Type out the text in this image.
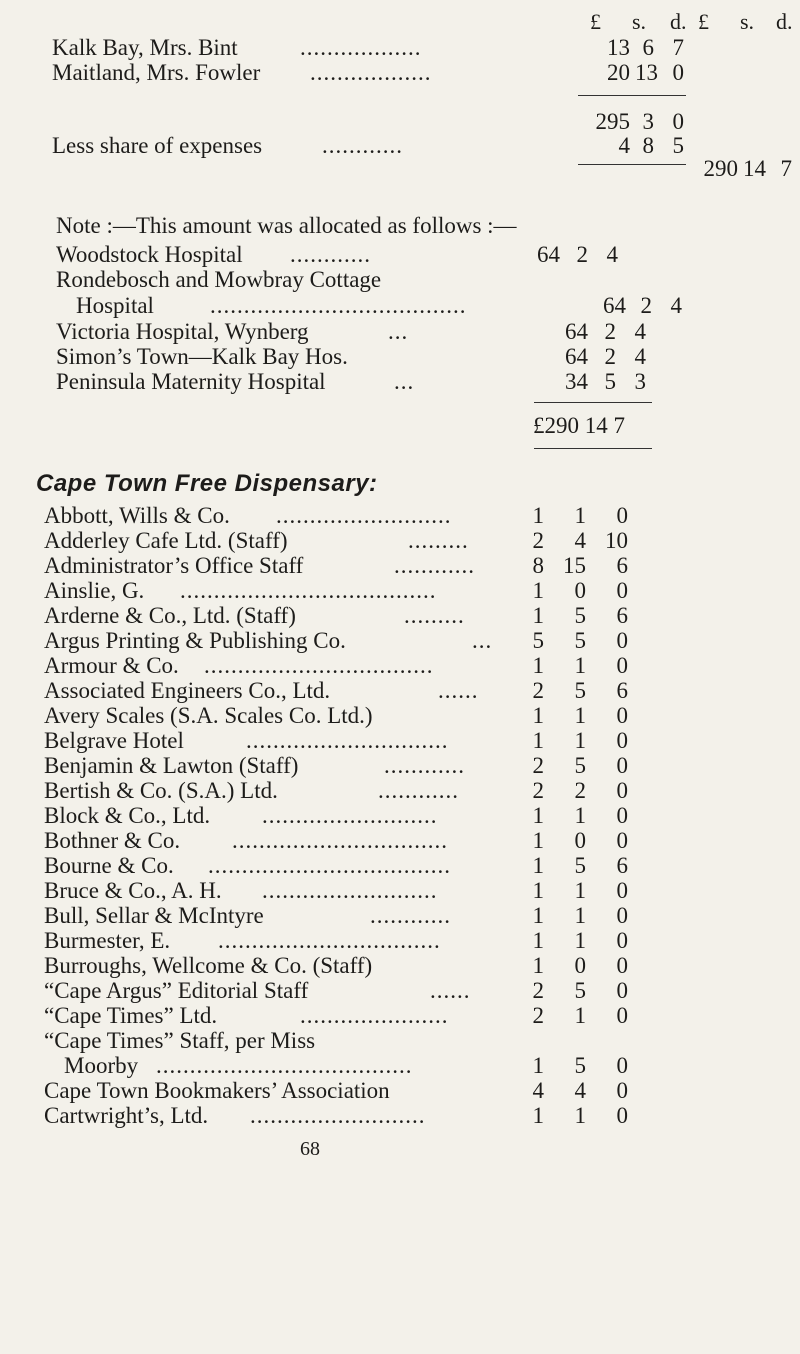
£ s. d. £ s. d.
Kalk Bay, Mrs. Bint	..................	13 6 7
Maitland, Mrs. Fowler ..................	20 13 0
295 3 0
Less share of expenses	............	4 8 5
290 14 7
Note :—This amount was allocated as follows :—
Woodstock Hospital ............	64 2 4
Rondebosch and Mowbray Cottage
Hospital ......................................	64 2 4
Victoria Hospital, Wynberg	...	64 2 4
Simon’s Town—Kalk Bay Hos.	64 2 4
Peninsula Maternity Hospital	...	34 5 3
£290 14 7
Cape Town Free Dispensary:
Abbott, Wills & Co. ..........................	1	1	0
Adderley Cafe Ltd. (Staff)	.........	2	4 10
Administrator’s Office Staff	............	8 15	6
Ainslie, G. ......................................	1	0	0
Arderne & Co., Ltd. (Staff)	.........	1	5	6
Argus Printing & Publishing Co.	...	5	5	0
Armour & Co. ..................................	1	1	0
Associated Engineers Co., Ltd.	......	2	5	6
Avery Scales (S.A. Scales Co. Ltd.)	1	1	0
Belgrave Hotel	..............................	1	1	0
Benjamin & Lawton (Staff)	............	2	5	0
Bertish & Co. (S.A.) Ltd.	............	2	2	0
Block & Co., Ltd. ..........................	1	1	0
Bothner & Co. ................................	1	0	0
Bourne & Co. ....................................	1	5	6
Bruce & Co., A. H. ..........................	1	1	0
Bull, Sellar & McIntyre	............	1	1	0
Burmester, E. .................................	1	1	0
Burroughs, Wellcome & Co. (Staff)	1	0	0
“Cape Argus” Editorial Staff	......	2	5	0
“Cape Times” Ltd.	......................	2	1	0
“Cape Times” Staff, per Miss
Moorby ......................................	1	5	0
Cape Town Bookmakers’ Association	4	4	0
Cartwright’s, Ltd. ..........................	1	1	0
68
